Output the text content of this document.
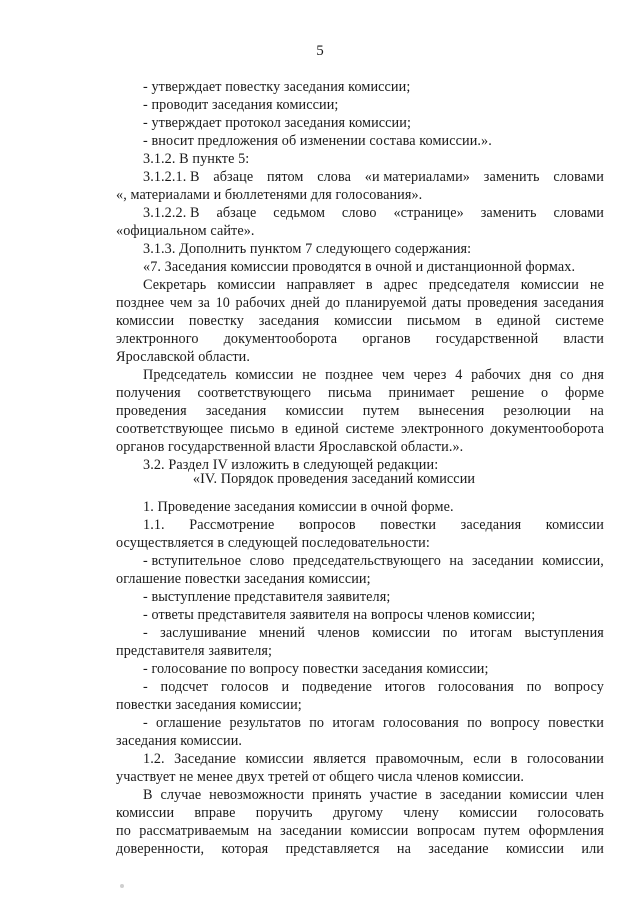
5
- утверждает повестку заседания комиссии;
- проводит заседания комиссии;
- утверждает протокол заседания комиссии;
- вносит предложения об изменении состава комиссии.».
3.1.2. В пункте 5:
3.1.2.1. В абзаце пятом слова «и материалами» заменить словами
«, материалами и бюллетенями для голосования».
3.1.2.2. В абзаце седьмом слово «странице» заменить словами
«официальном сайте».
3.1.3. Дополнить пунктом 7 следующего содержания:
«7. Заседания комиссии проводятся в очной и дистанционной формах.
Секретарь комиссии направляет в адрес председателя комиссии не
позднее чем за 10 рабочих дней до планируемой даты проведения заседания
комиссии повестку заседания комиссии письмом в единой системе
электронного документооборота органов государственной власти
Ярославской области.
Председатель комиссии не позднее чем через 4 рабочих дня со дня
получения соответствующего письма принимает решение о форме
проведения заседания комиссии путем вынесения резолюции на
соответствующее письмо в единой системе электронного документооборота
органов государственной власти Ярославской области.».
3.2. Раздел IV изложить в следующей редакции:
«IV. Порядок проведения заседаний комиссии
1. Проведение заседания комиссии в очной форме.
1.1. Рассмотрение вопросов повестки заседания комиссии
осуществляется в следующей последовательности:
- вступительное слово председательствующего на заседании комиссии,
оглашение повестки заседания комиссии;
- выступление представителя заявителя;
- ответы представителя заявителя на вопросы членов комиссии;
- заслушивание мнений членов комиссии по итогам выступления
представителя заявителя;
- голосование по вопросу повестки заседания комиссии;
- подсчет голосов и подведение итогов голосования по вопросу
повестки заседания комиссии;
- оглашение результатов по итогам голосования по вопросу повестки
заседания комиссии.
1.2. Заседание комиссии является правомочным, если в голосовании
участвует не менее двух третей от общего числа членов комиссии.
В случае невозможности принять участие в заседании комиссии член
комиссии вправе поручить другому члену комиссии голосовать
по рассматриваемым на заседании комиссии вопросам путем оформления
доверенности, которая представляется на заседание комиссии или
